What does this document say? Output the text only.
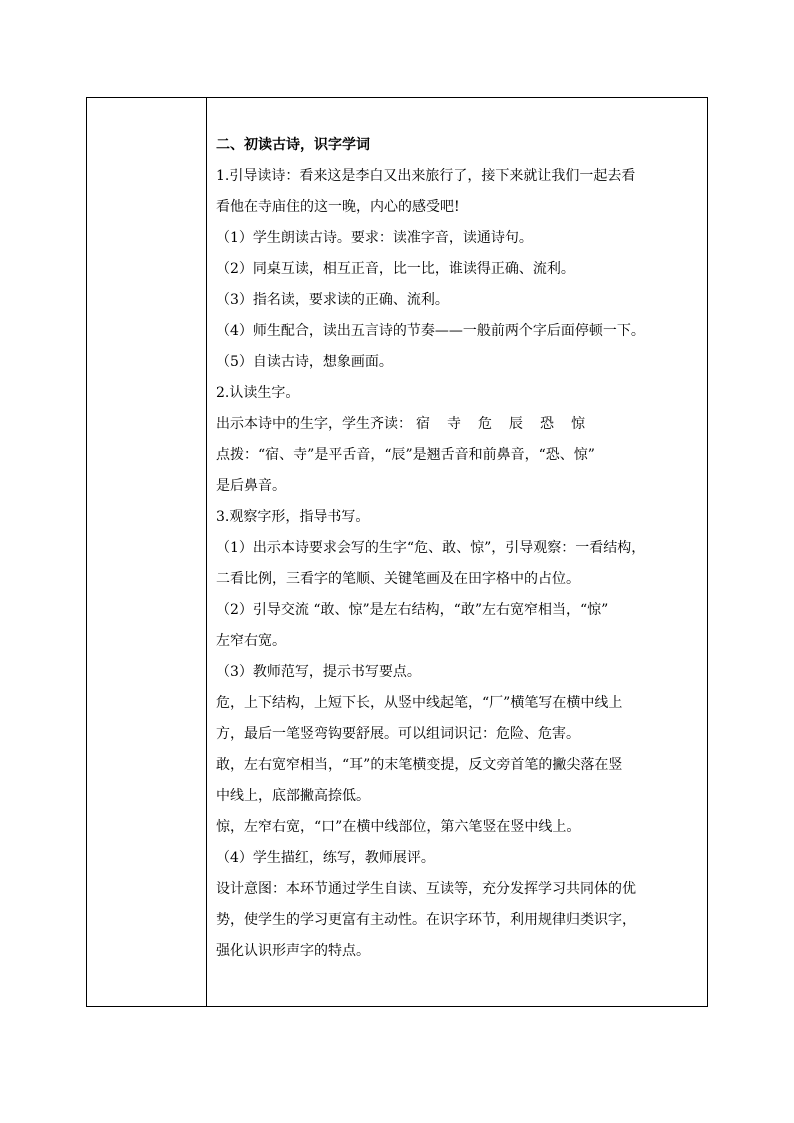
二、初读古诗，识字学词
1.引导读诗：看来这是李白又出来旅行了，接下来就让我们一起去看
看他在寺庙住的这一晚，内心的感受吧!
（1）学生朗读古诗。要求：读准字音，读通诗句。
（2）同桌互读，相互正音，比一比，谁读得正确、流利。
（3）指名读，要求读的正确、流利。
（4）师生配合，读出五言诗的节奏——一般前两个字后面停顿一下。
（5）自读古诗，想象画面。
2.认读生字。
出示本诗中的生字，学生齐读： 宿 寺 危 辰 恐 惊
点拨：“宿、寺”是平舌音，“辰”是翘舌音和前鼻音，“恐、惊”
是后鼻音。
3.观察字形，指导书写。
（1）出示本诗要求会写的生字“危、敢、惊”，引导观察：一看结构，
二看比例，三看字的笔顺、关键笔画及在田字格中的占位。
（2）引导交流 “敢、惊”是左右结构，“敢”左右宽窄相当，“惊”
左窄右宽。
（3）教师范写，提示书写要点。
危，上下结构，上短下长，从竖中线起笔，“厂”横笔写在横中线上
方，最后一笔竖弯钩要舒展。可以组词识记：危险、危害。
敢，左右宽窄相当，“耳”的末笔横变提，反文旁首笔的撇尖落在竖
中线上，底部撇高捺低。
惊，左窄右宽，“口”在横中线部位，第六笔竖在竖中线上。
（4）学生描红，练写，教师展评。
设计意图：本环节通过学生自读、互读等，充分发挥学习共同体的优
势，使学生的学习更富有主动性。在识字环节，利用规律归类识字，
强化认识形声字的特点。
